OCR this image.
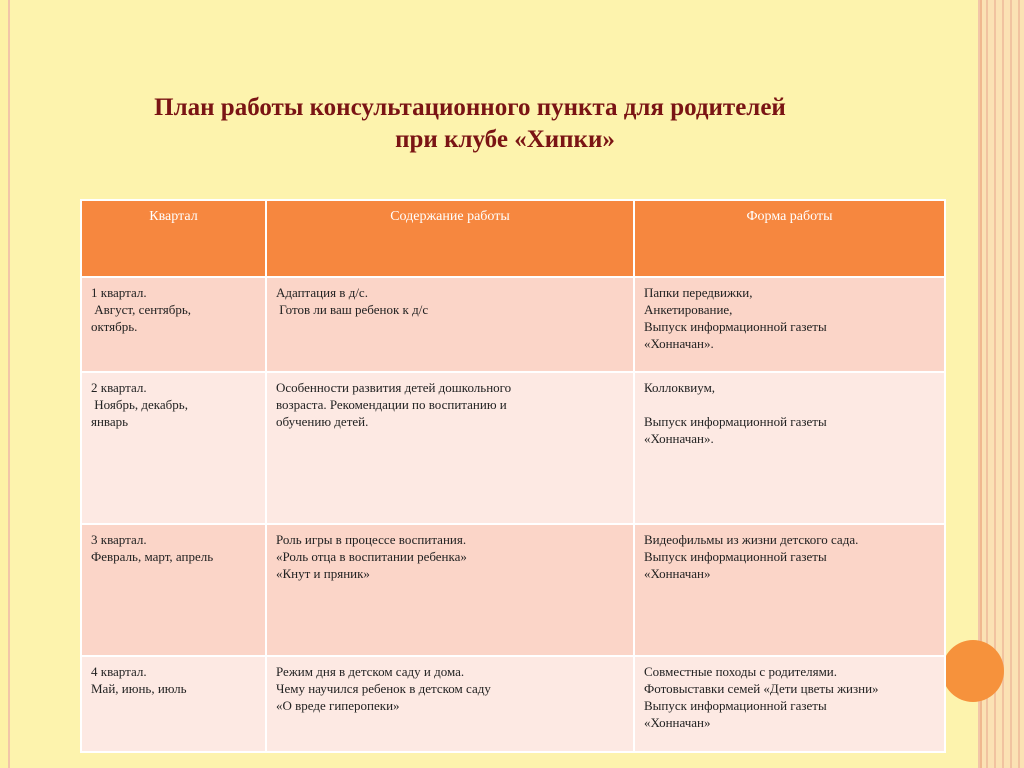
План работы консультационного пункта для родителей
при клубе «Хипки»
Квартал	Содержание работы	Форма работы

1 квартал.
Август, сентябрь,
октябрь.	Адаптация в д/с.
Готов ли ваш ребенок к д/с	Папки передвижки,
Анкетирование,
Выпуск информационной газеты
«Хонначан».

2 квартал.
Ноябрь, декабрь,
январь	Особенности развития детей дошкольного
возраста. Рекомендации по воспитанию и
обучению детей.	Коллоквиум,
Выпуск информационной газеты
«Хонначан».

3 квартал.
Февраль, март, апрель	Роль игры в процессе воспитания.
«Роль отца в воспитании ребенка»
«Кнут и пряник»	Видеофильмы из жизни детского сада.
Выпуск информационной газеты
«Хонначан»

4 квартал.
Май, июнь, июль	Режим дня в детском саду и дома.
Чему научился ребенок в детском саду
«О вреде гиперопеки»	Совместные походы с родителями.
Фотовыставки семей «Дети цветы жизни»
Выпуск информационной газеты
«Хонначан»
